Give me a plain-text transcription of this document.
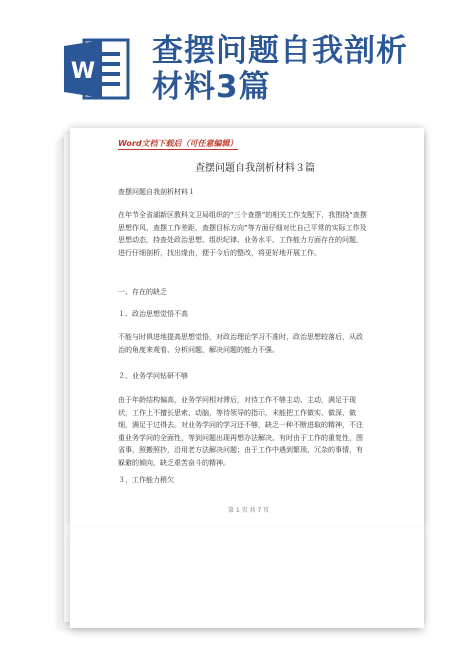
W
查摆问题自我剖析
材料3篇
Word文档下载后（可任意编辑）
查摆问题自我剖析材料３篇
查摆问题自我剖析材料１

在年节全省湖新区教科文卫局组织的“三个查摆”的相关工作支配下，我围绕“查摆思想作风、查摆工作差距、查摆目标方向”等方面仔细对比自己平常的实际工作及思想动态，持查处政治思想、组织纪律、业务水平、工作能力方面存在的问题，进行仔细剖析，找出缘由，便于今后的整改，将更好地开展工作。

一、存在的缺乏

１、政治思想觉悟不高

不能与时俱进地提高思想觉悟，对政治理论学习不准时，政治思想较落后，从政治的角度来观看、分析问题，解决问题的能力不强。

２、业务学问钻研不够

由于年龄结构偏高，业务学问相对滞后，对待工作不够主动、主动，满足于现状，工作上不擅长思索、动脑，等待领导的指示，未能把工作做实、做深、做细，满足于过得去。对业务学问的学习还不够，缺乏一种不断进取的精神，不注重业务学问的全面性，等到问题出现再想办法解决。有时由于工作的重复性，图省事，照搬照抄，沿用老方法解决问题；由于工作中遇到繁琐、冗杂的事情，有躲避的倾向，缺乏艰苦奋斗的精神。

３、工作能力稍欠

第 1 页 共 7 页
